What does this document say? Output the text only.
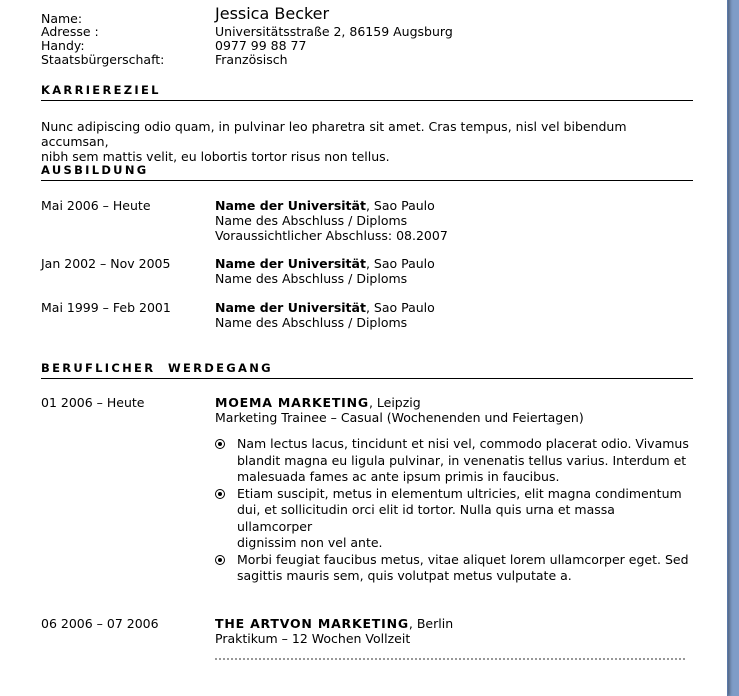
Name:	Jessica Becker
Adresse :	Universitätsstraße 2, 86159 Augsburg
Handy:	0977 99 88 77
Staatsbürgerschaft:	Französisch
KARRIEREZIEL
Nunc adipiscing odio quam, in pulvinar leo pharetra sit amet. Cras tempus, nisl vel bibendum accumsan,
nibh sem mattis velit, eu lobortis tortor risus non tellus.
AUSBILDUNG
Mai 2006 – Heute	Name der Universität, Sao Paulo
Name des Abschluss / Diploms
Voraussichtlicher Abschluss: 08.2007
Jan 2002 – Nov 2005	Name der Universität, Sao Paulo
Name des Abschluss / Diploms
Mai 1999 – Feb 2001	Name der Universität, Sao Paulo
Name des Abschluss / Diploms
BERUFLICHER  WERDEGANG
01 2006 – Heute	MOEMA MARKETING, Leipzig
Marketing Trainee – Casual (Wochenenden und Feiertagen)
Nam lectus lacus, tincidunt et nisi vel, commodo placerat odio. Vivamus
blandit magna eu ligula pulvinar, in venenatis tellus varius. Interdum et
malesuada fames ac ante ipsum primis in faucibus.
Etiam suscipit, metus in elementum ultricies, elit magna condimentum
dui, et sollicitudin orci elit id tortor. Nulla quis urna et massa ullamcorper
dignissim non vel ante.
Morbi feugiat faucibus metus, vitae aliquet lorem ullamcorper eget. Sed
sagittis mauris sem, quis volutpat metus vulputate a.
06 2006 – 07 2006	THE ARTVON MARKETING, Berlin
Praktikum – 12 Wochen Vollzeit
